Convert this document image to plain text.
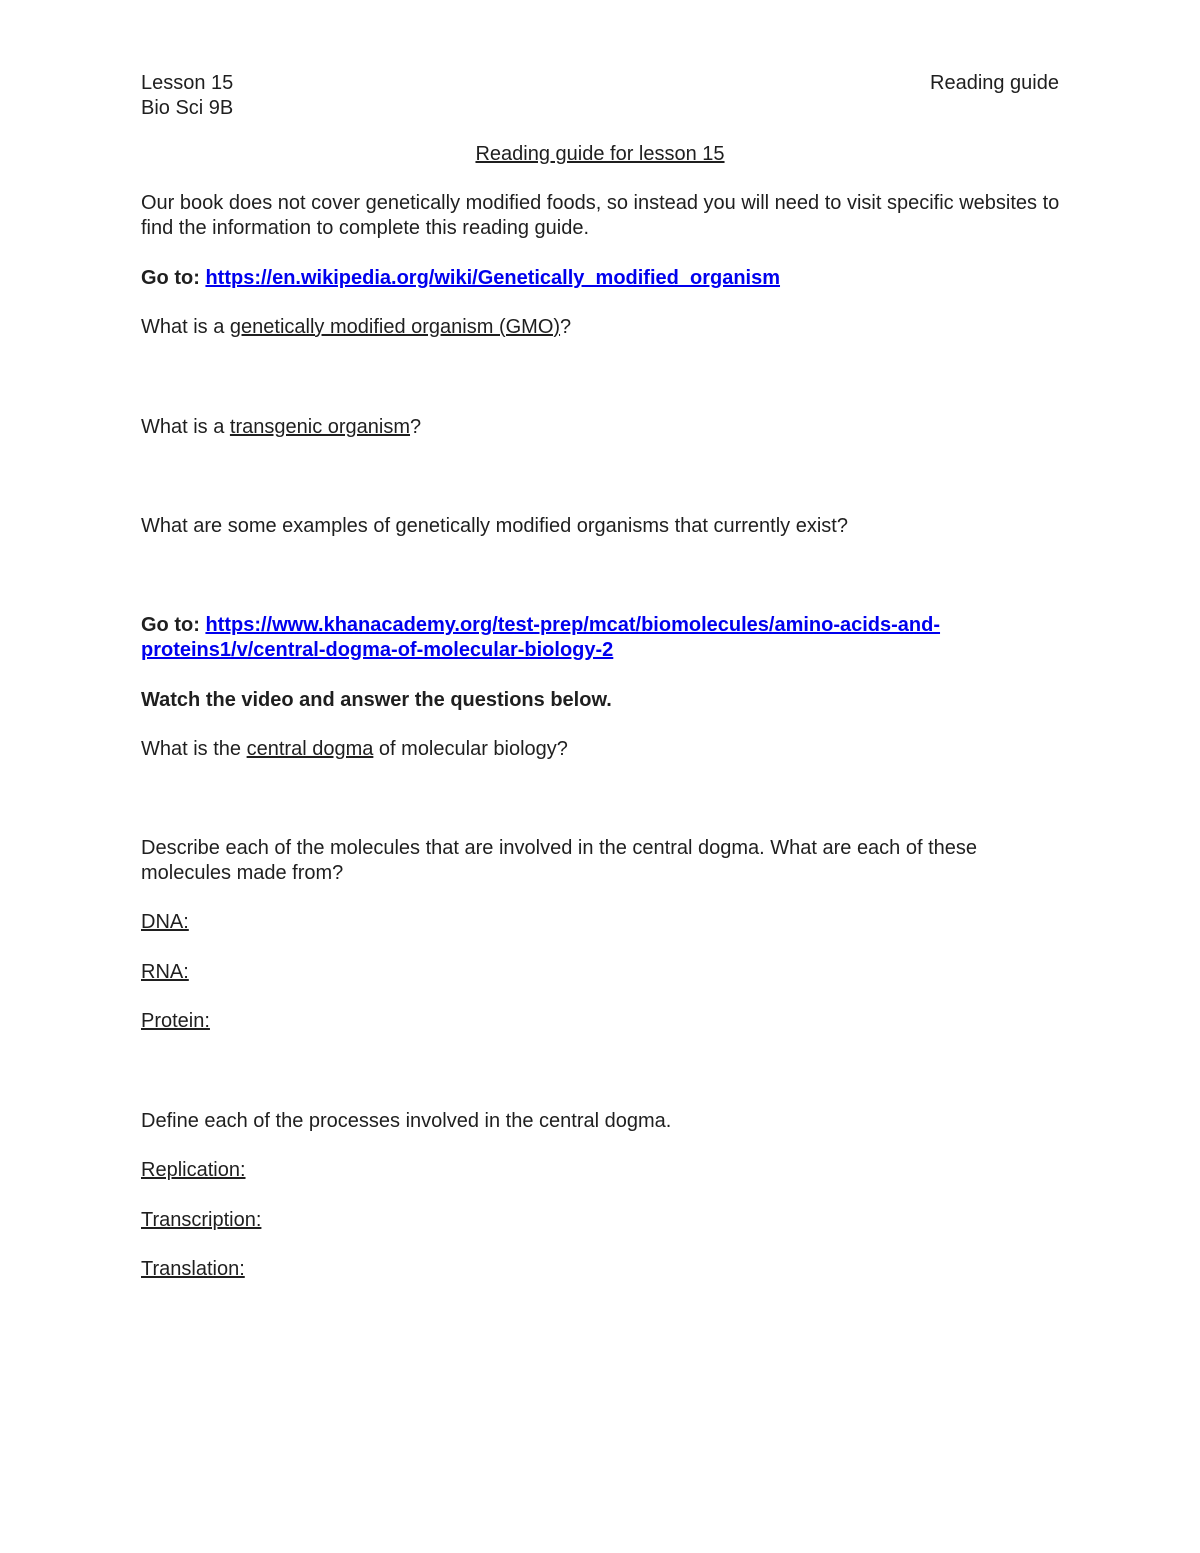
Lesson 15
Bio Sci 9B
Reading guide
Reading guide for lesson 15
Our book does not cover genetically modified foods, so instead you will need to visit specific websites to find the information to complete this reading guide.
Go to: https://en.wikipedia.org/wiki/Genetically_modified_organism
What is a genetically modified organism (GMO)?
What is a transgenic organism?
What are some examples of genetically modified organisms that currently exist?
Go to: https://www.khanacademy.org/test-prep/mcat/biomolecules/amino-acids-and-
proteins1/v/central-dogma-of-molecular-biology-2
Watch the video and answer the questions below.
What is the central dogma of molecular biology?
Describe each of the molecules that are involved in the central dogma. What are each of these
molecules made from?
DNA:
RNA:
Protein:
Define each of the processes involved in the central dogma.
Replication:
Transcription:
Translation:
